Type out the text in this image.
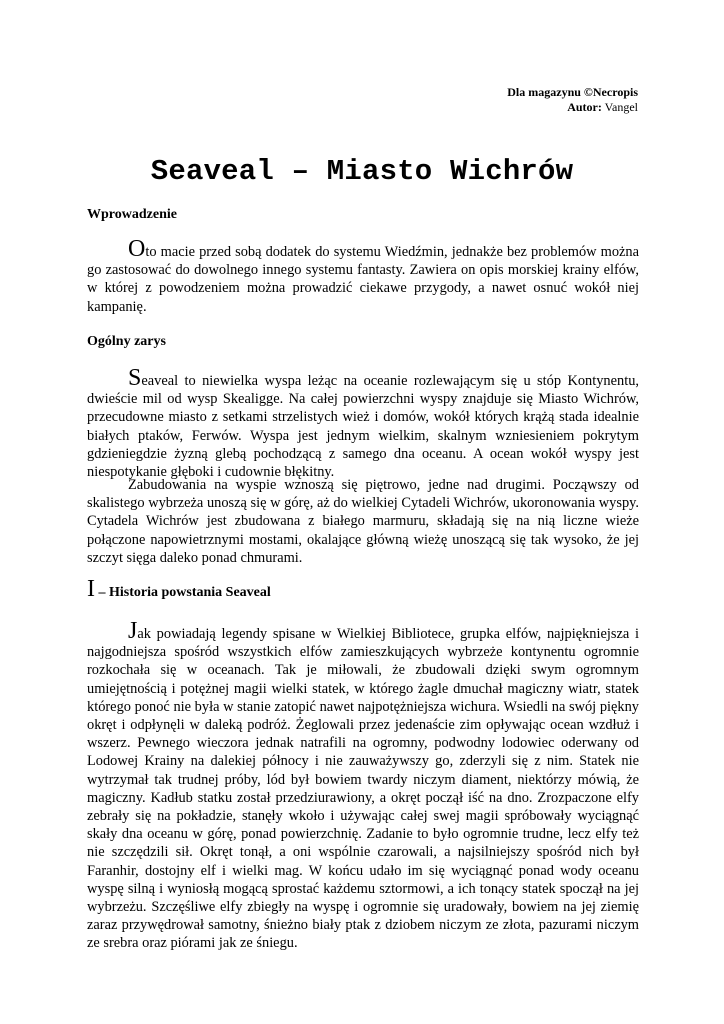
Dla magazynu ©Necropis
Autor: Vangel
Seaveal – Miasto Wichrów
Wprowadzenie
Oto macie przed sobą dodatek do systemu Wiedźmin, jednakże bez problemów można go zastosować do dowolnego innego systemu fantasty. Zawiera on opis morskiej krainy elfów, w której z powodzeniem można prowadzić ciekawe przygody, a nawet osnuć wokół niej kampanię.
Ogólny zarys
Seaveal to niewielka wyspa leżąc na oceanie rozlewającym się u stóp Kontynentu, dwieście mil od wysp Skealigge. Na całej powierzchni wyspy znajduje się Miasto Wichrów, przecudowne miasto z setkami strzelistych wież i domów, wokół których krążą stada idealnie białych ptaków, Ferwów. Wyspa jest jednym wielkim, skalnym wzniesieniem pokrytym gdzieniegdzie żyzną glebą pochodzącą z samego dna oceanu. A ocean wokół wyspy jest niespotykanie głęboki i cudownie błękitny.
Zabudowania na wyspie wznoszą się piętrowo, jedne nad drugimi. Począwszy od skalistego wybrzeża unoszą się w górę, aż do wielkiej Cytadeli Wichrów, ukoronowania wyspy. Cytadela Wichrów jest zbudowana z białego marmuru, składają się na nią liczne wieże połączone napowietrznymi mostami, okalające główną wieżę unoszącą się tak wysoko, że jej szczyt sięga daleko ponad chmurami.
I – Historia powstania Seaveal
Jak powiadają legendy spisane w Wielkiej Bibliotece, grupka elfów, najpiękniejsza i najgodniejsza spośród wszystkich elfów zamieszkujących wybrzeże kontynentu ogromnie rozkochała się w oceanach. Tak je miłowali, że zbudowali dzięki swym ogromnym umiejętnością i potężnej magii wielki statek, w którego żagle dmuchał magiczny wiatr, statek którego ponoć nie była w stanie zatopić nawet najpotężniejsza wichura. Wsiedli na swój piękny okręt i odpłynęli w daleką podróż. Żeglowali przez jedenaście zim opływając ocean wzdłuż i wszerz. Pewnego wieczora jednak natrafili na ogromny, podwodny lodowiec oderwany od Lodowej Krainy na dalekiej północy i nie zauważywszy go, zderzyli się z nim. Statek nie wytrzymał tak trudnej próby, lód był bowiem twardy niczym diament, niektórzy mówią, że magiczny. Kadłub statku został przedziurawiony, a okręt począł iść na dno. Zrozpaczone elfy zebrały się na pokładzie, stanęły wkoło i używając całej swej magii spróbowały wyciągnąć skały dna oceanu w górę, ponad powierzchnię. Zadanie to było ogromnie trudne, lecz elfy też nie szczędzili sił. Okręt tonął, a oni wspólnie czarowali, a najsilniejszy spośród nich był Faranhir, dostojny elf i wielki mag. W końcu udało im się wyciągnąć ponad wody oceanu wyspę silną i wyniosłą mogącą sprostać każdemu sztormowi, a ich tonący statek spoczął na jej wybrzeżu. Szczęśliwe elfy zbiegły na wyspę i ogromnie się uradowały, bowiem na jej ziemię zaraz przywędrował samotny, śnieżno biały ptak z dziobem niczym ze złota, pazurami niczym ze srebra oraz piórami jak ze śniegu.
